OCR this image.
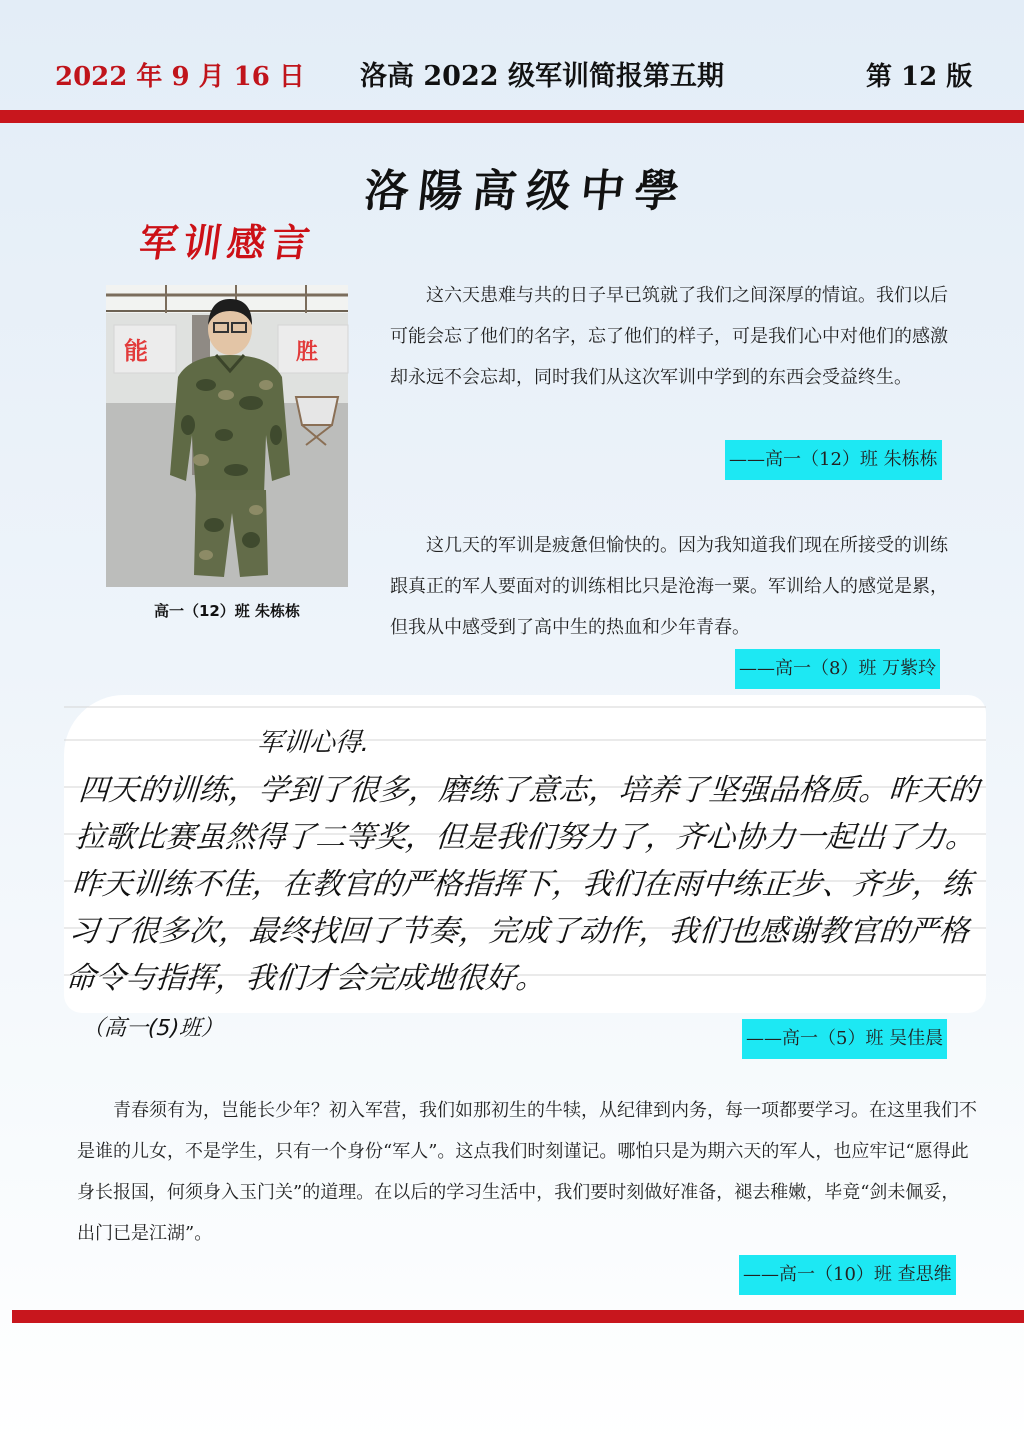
2022 年 9 月 16 日 洛高 2022 级军训简报第五期	第 12 版
洛陽高级中學
军训感言
能	胜
高一（12）班 朱栋栋

这六天患难与共的日子早已筑就了我们之间深厚的情谊。我们以后可能会忘了他们的名字，忘了他们的样子，可是我们心中对他们的感激却永远不会忘却，同时我们从这次军训中学到的东西会受益终生。

——高一（12）班 朱栋栋

这几天的军训是疲惫但愉快的。因为我知道我们现在所接受的训练跟真正的军人要面对的训练相比只是沧海一粟。军训给人的感觉是累，但我从中感受到了高中生的热血和少年青春。

——高一（8）班 万紫玲
军训心得.
四天的训练，学到了很多，磨练了意志，培养了坚强品格质。昨天的拉歌比赛虽然得了二等奖，但是我们努力了，齐心协力一起出了力。昨天训练不佳，在教官的严格指挥下，我们在雨中练正步、齐步，练习了很多次，最终找回了节奏，完成了动作，我们也感谢教官的严格命令与指挥，我们才会完成地很好。
（高一(5)班）	——高一（5）班 吴佳晨

青春须有为，岂能长少年？初入军营，我们如那初生的牛犊，从纪律到内务，每一项都要学习。在这里我们不是谁的儿女，不是学生，只有一个身份“军人”。这点我们时刻谨记。哪怕只是为期六天的军人，也应牢记“愿得此身长报国，何须身入玉门关”的道理。在以后的学习生活中，我们要时刻做好准备，褪去稚嫩，毕竟“剑未佩妥，出门已是江湖”。

——高一（10）班 查思维
